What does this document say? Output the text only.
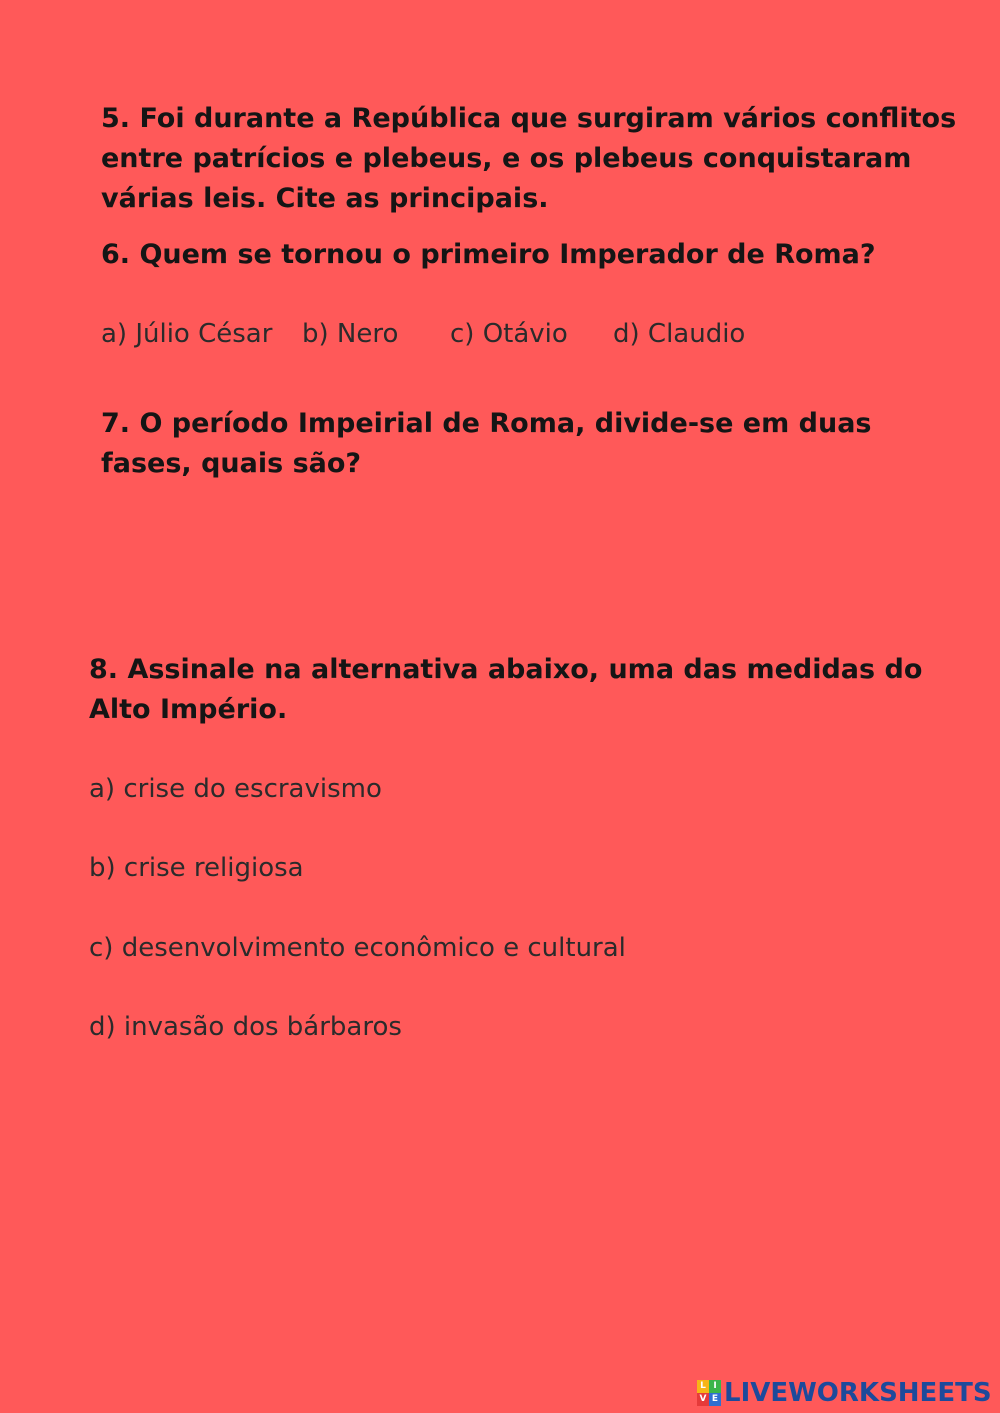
5. Foi durante a República que surgiram vários conflitos entre patrícios e plebeus, e os plebeus conquistaram várias leis. Cite as principais.

6. Quem se tornou o primeiro Imperador de Roma?

a) Júlio César b) Nero c) Otávio d) Claudio

7. O período Impeirial de Roma, divide-se em duas fases, quais são?

8. Assinale na alternativa abaixo, uma das medidas do Alto Império.

a) crise do escravismo
b) crise religiosa
c) desenvolvimento econômico e cultural
d) invasão dos bárbaros
L I
V E LIVEWORKSHEETS
